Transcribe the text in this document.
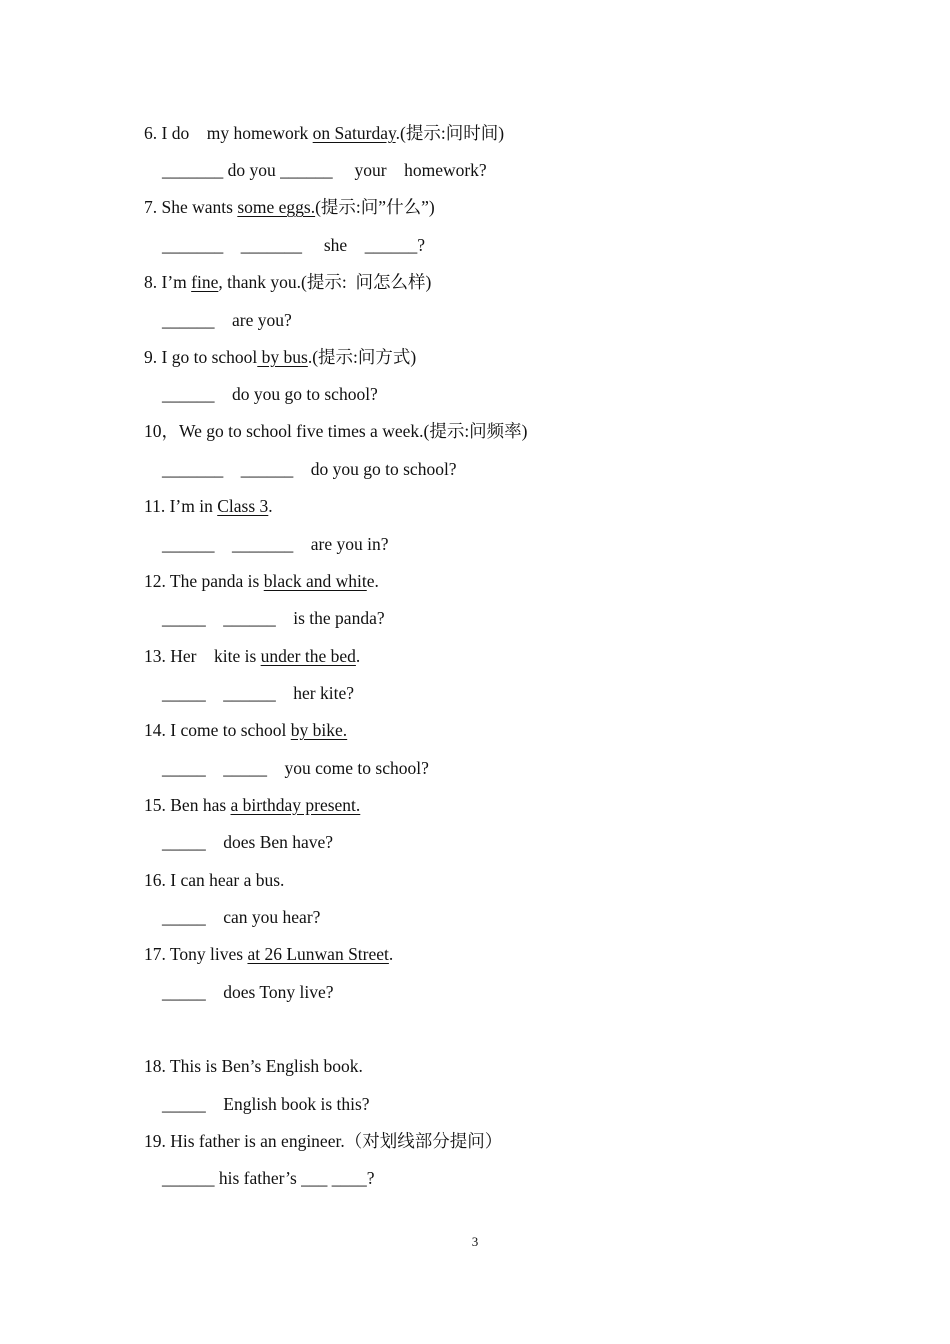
6. I do    my homework on Saturday.(提示:问时间)
_______ do you ______     your    homework?
7. She wants some eggs.(提示:问”什么”)
_______    _______     she    ______?
8. I’m fine, thank you.(提示:  问怎么样)
______    are you?
9. I go to school by bus.(提示:问方式)
______    do you go to school?
10，We go to school five times a week.(提示:问频率)
_______    ______    do you go to school?
11. I’m in Class 3.
______    _______    are you in?
12. The panda is black and white.
_____    ______    is the panda?
13. Her    kite is under the bed.
_____    ______    her kite?
14. I come to school by bike.
_____    _____    you come to school?
15. Ben has a birthday present.
_____    does Ben have?
16. I can hear a bus.
_____    can you hear?
17. Tony lives at 26 Lunwan Street.
_____    does Tony live?
18. This is Ben’s English book.
_____    English book is this?
19. His father is an engineer.（对划线部分提问）
______ his father’s ___ ____?
3
